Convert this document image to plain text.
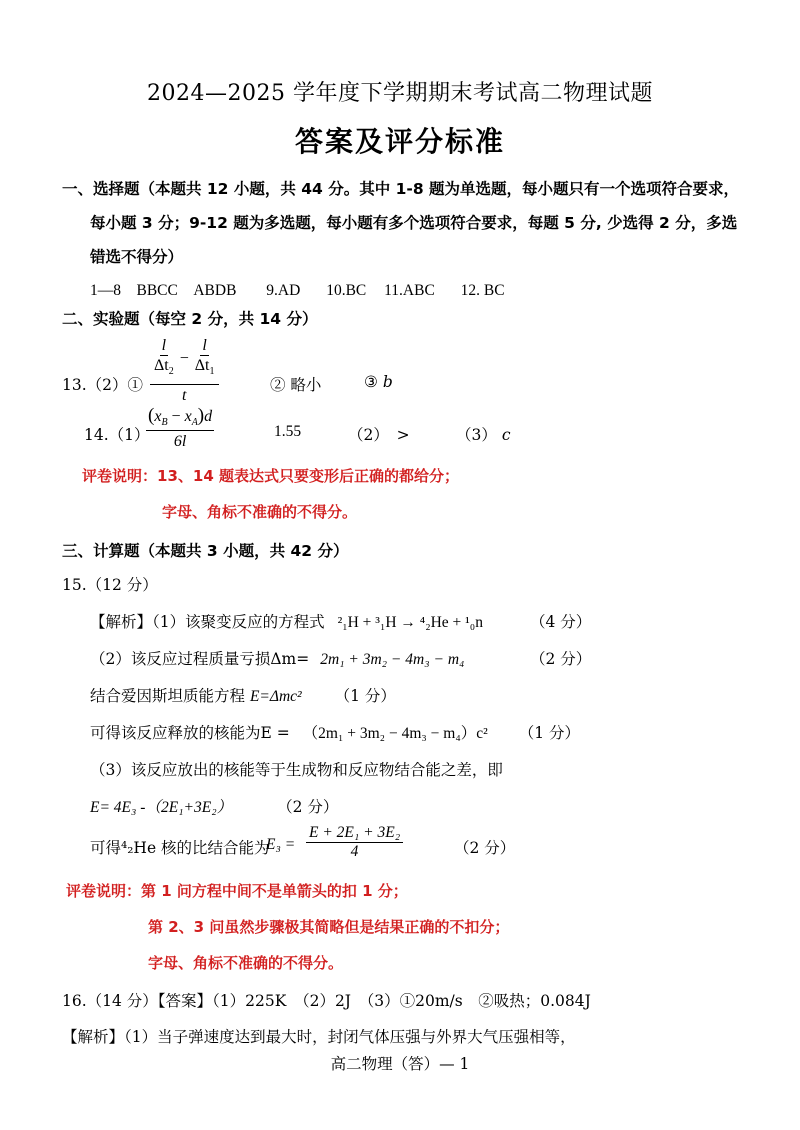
2024—2025 学年度下学期期末考试高二物理试题
答案及评分标准
一、选择题（本题共 12 小题，共 44 分。其中 1-8 题为单选题，每小题只有一个选项符合要求，
每小题 3 分；9-12 题为多选题，每小题有多个选项符合要求，每题 5 分, 少选得 2 分，多选
错选不得分）
1—8　BBCC　ABDB 9.AD 10.BC 11.ABC 12. BC
二、实验题（每空 2 分，共 14 分）
13.（2）①
l
$\Delta t_2$
− $\frac{l}{\Delta t_1}$
t
② 略小	③ b
14.（1）
$(x_B - x_A)d$
6l
1.55	（2）　>	（3） c
评卷说明：13、14 题表达式只要变形后正确的都给分；
字母、角标不准确的不得分。
三、计算题（本题共 3 小题，共 42 分）
15.（12 分）
【解析】（1）该聚变反应的方程式 ²₁H + ³₁H → ⁴₂He + ¹₀n	（4 分）
（2）该反应过程质量亏损Δm= 2m₁ + 3m₂ − 4m₃ − m₄	（2 分）
结合爱因斯坦质能方程 E=Δmc² （1 分）
可得该反应释放的核能为E = （2m₁ + 3m₂ − 4m₃ − m₄）c² （1 分）
（3）该反应放出的核能等于生成物和反应物结合能之差，即
E= 4E₃ -（2E₁+3E₂）	（2 分）
可得⁴₂He 核的比结合能为
$E_3 = \frac{\text{E + 2E₁ + 3E₂}}{4}$	（2 分）
评卷说明：第 1 问方程中间不是单箭头的扣 1 分；
第 2、3 问虽然步骤极其简略但是结果正确的不扣分；
字母、角标不准确的不得分。
16.（14 分）【答案】（1）225K　（2）2J　（3）①20m/s　②吸热；0.084J
【解析】（1）当子弹速度达到最大时，封闭气体压强与外界大气压强相等，
高二物理（答）— 1
